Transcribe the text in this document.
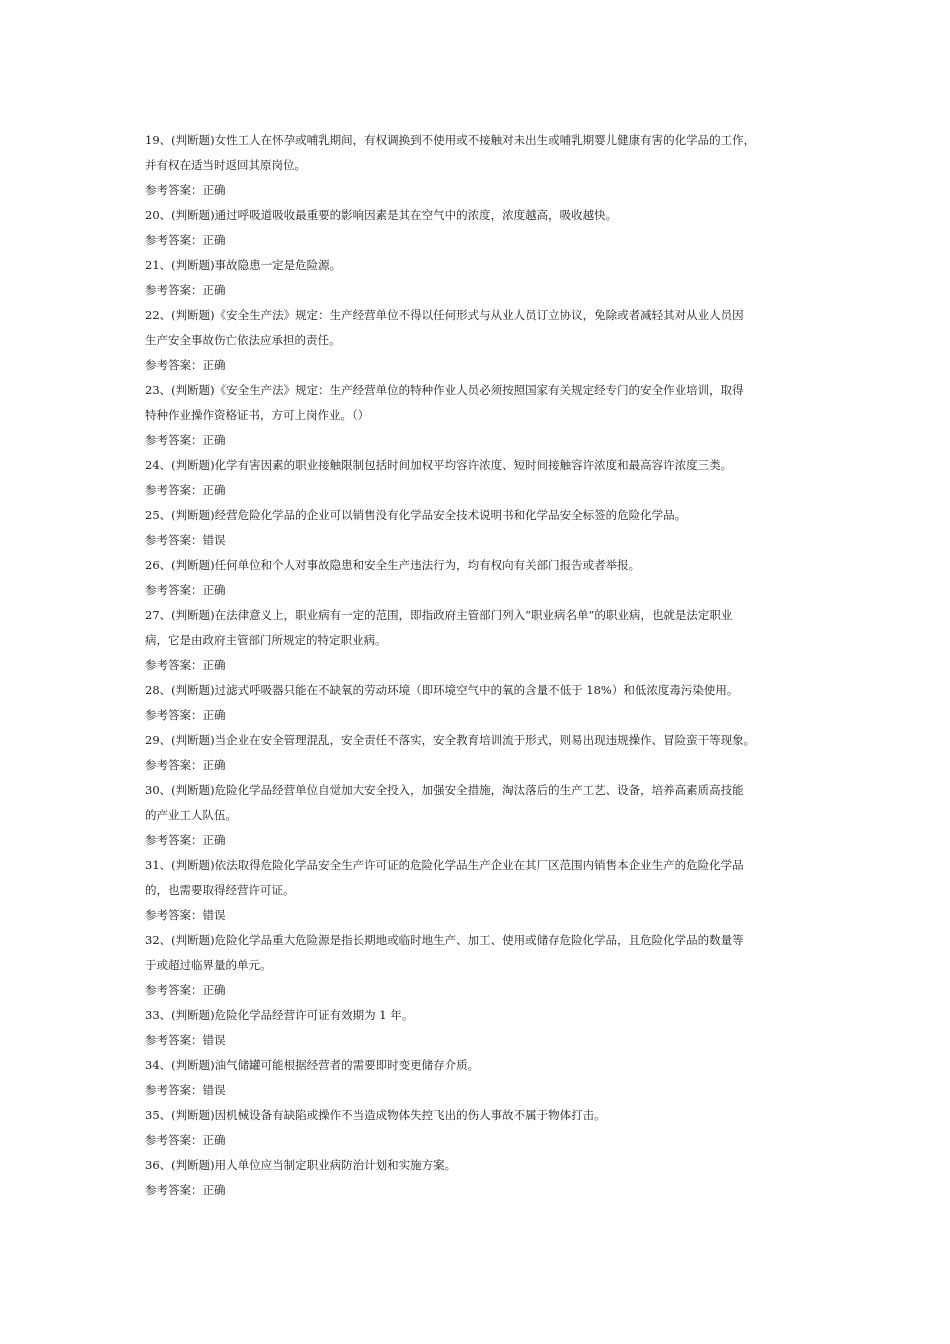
19、(判断题)女性工人在怀孕或哺乳期间，有权调换到不使用或不接触对未出生或哺乳期婴儿健康有害的化学品的工作，
并有权在适当时返回其原岗位。
参考答案：正确
20、(判断题)通过呼吸道吸收最重要的影响因素是其在空气中的浓度，浓度越高，吸收越快。
参考答案：正确
21、(判断题)事故隐患一定是危险源。
参考答案：正确
22、(判断题)《安全生产法》规定：生产经营单位不得以任何形式与从业人员订立协议，免除或者减轻其对从业人员因
生产安全事故伤亡依法应承担的责任。
参考答案：正确
23、(判断题)《安全生产法》规定：生产经营单位的特种作业人员必须按照国家有关规定经专门的安全作业培训，取得
特种作业操作资格证书，方可上岗作业。（）
参考答案：正确
24、(判断题)化学有害因素的职业接触限制包括时间加权平均容许浓度、短时间接触容许浓度和最高容许浓度三类。
参考答案：正确
25、(判断题)经营危险化学品的企业可以销售没有化学品安全技术说明书和化学品安全标签的危险化学品。
参考答案：错误
26、(判断题)任何单位和个人对事故隐患和安全生产违法行为，均有权向有关部门报告或者举报。
参考答案：正确
27、(判断题)在法律意义上，职业病有一定的范围，即指政府主管部门列入“职业病名单”的职业病，也就是法定职业
病，它是由政府主管部门所规定的特定职业病。
参考答案：正确
28、(判断题)过滤式呼吸器只能在不缺氧的劳动环境（即环境空气中的氧的含量不低于 18%）和低浓度毒污染使用。
参考答案：正确
29、(判断题)当企业在安全管理混乱，安全责任不落实，安全教育培训流于形式，则易出现违规操作、冒险蛮干等现象。
参考答案：正确
30、(判断题)危险化学品经营单位自觉加大安全投入，加强安全措施，淘汰落后的生产工艺、设备，培养高素质高技能
的产业工人队伍。
参考答案：正确
31、(判断题)依法取得危险化学品安全生产许可证的危险化学品生产企业在其厂区范围内销售本企业生产的危险化学品
的，也需要取得经营许可证。
参考答案：错误
32、(判断题)危险化学品重大危险源是指长期地或临时地生产、加工、使用或储存危险化学品，且危险化学品的数量等
于或超过临界量的单元。
参考答案：正确
33、(判断题)危险化学品经营许可证有效期为 1 年。
参考答案：错误
34、(判断题)油气储罐可能根据经营者的需要即时变更储存介质。
参考答案：错误
35、(判断题)因机械设备有缺陷或操作不当造成物体失控飞出的伤人事故不属于物体打击。
参考答案：正确
36、(判断题)用人单位应当制定职业病防治计划和实施方案。
参考答案：正确
